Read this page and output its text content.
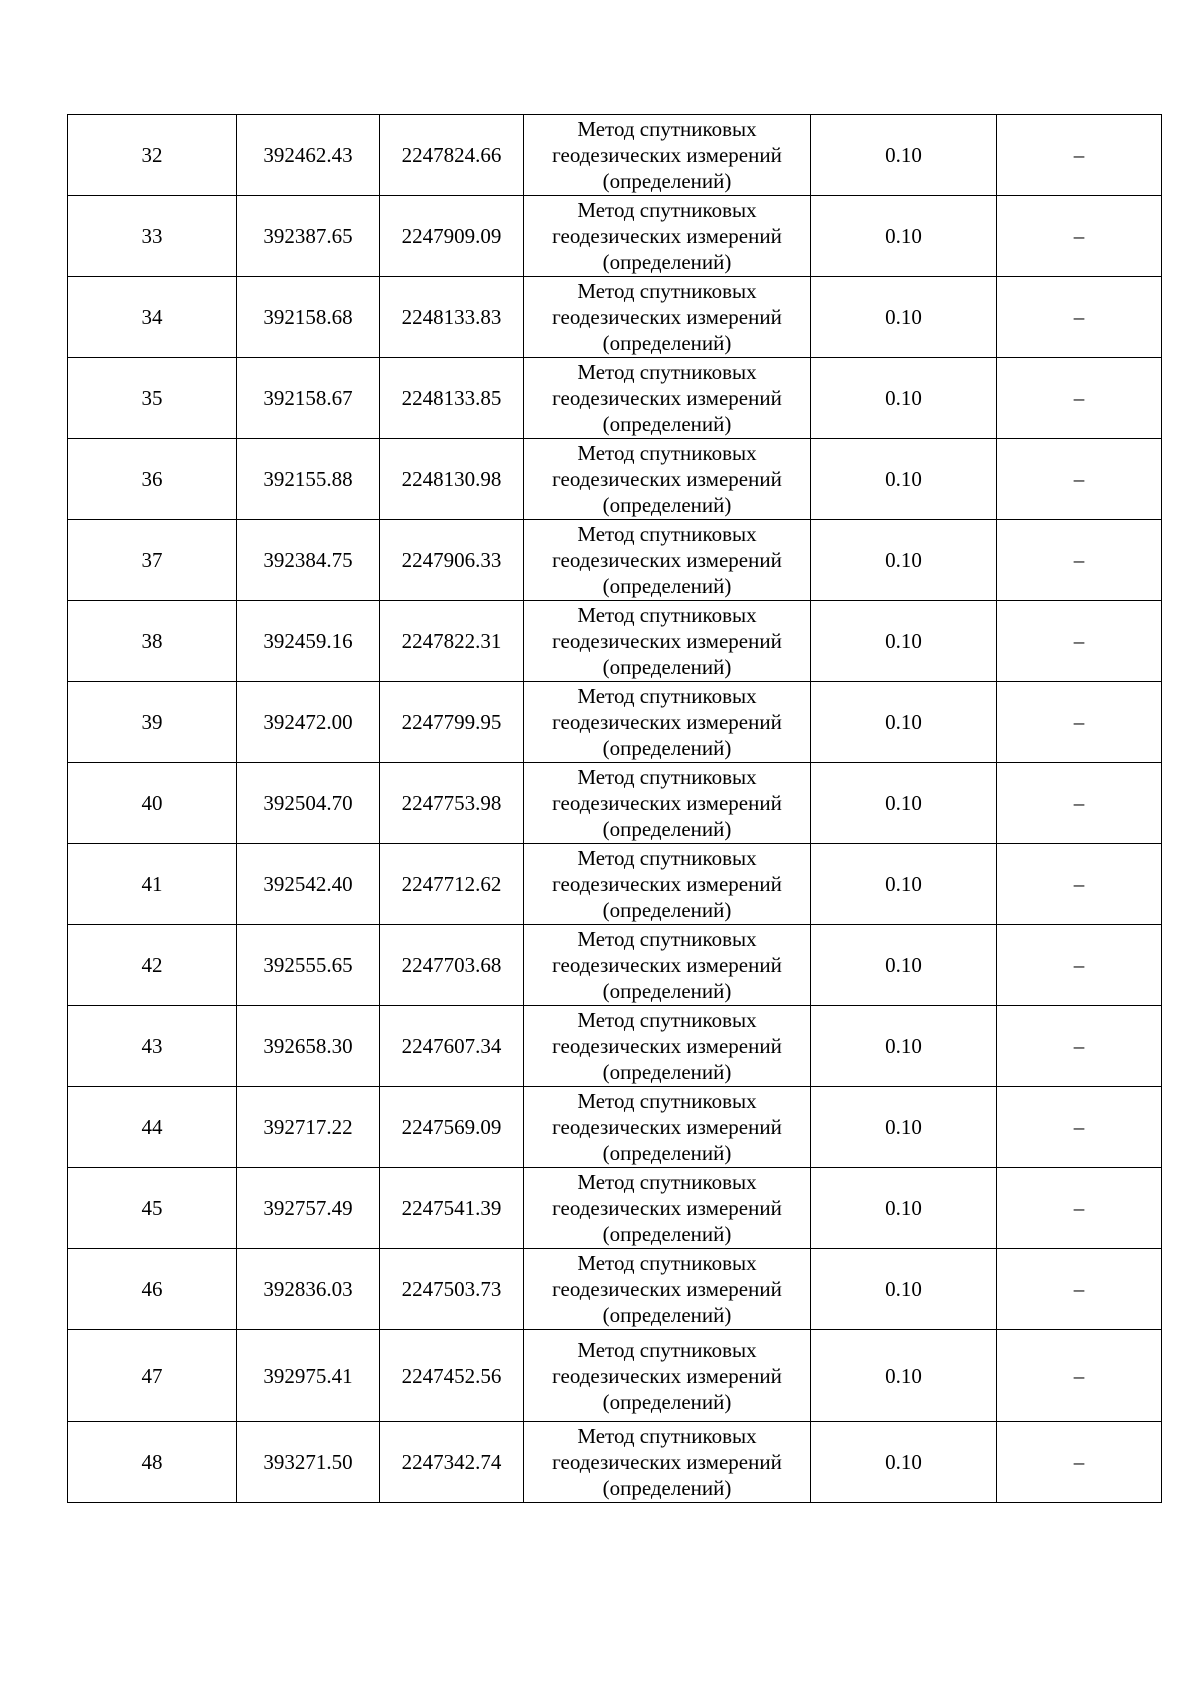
32	392462.43	2247824.66	Метод спутниковых
геодезических измерений
(определений)	0.10	–
33	392387.65	2247909.09	Метод спутниковых
геодезических измерений
(определений)	0.10	–
34	392158.68	2248133.83	Метод спутниковых
геодезических измерений
(определений)	0.10	–
35	392158.67	2248133.85	Метод спутниковых
геодезических измерений
(определений)	0.10	–
36	392155.88	2248130.98	Метод спутниковых
геодезических измерений
(определений)	0.10	–
37	392384.75	2247906.33	Метод спутниковых
геодезических измерений
(определений)	0.10	–
38	392459.16	2247822.31	Метод спутниковых
геодезических измерений
(определений)	0.10	–
39	392472.00	2247799.95	Метод спутниковых
геодезических измерений
(определений)	0.10	–
40	392504.70	2247753.98	Метод спутниковых
геодезических измерений
(определений)	0.10	–
41	392542.40	2247712.62	Метод спутниковых
геодезических измерений
(определений)	0.10	–
42	392555.65	2247703.68	Метод спутниковых
геодезических измерений
(определений)	0.10	–
43	392658.30	2247607.34	Метод спутниковых
геодезических измерений
(определений)	0.10	–
44	392717.22	2247569.09	Метод спутниковых
геодезических измерений
(определений)	0.10	–
45	392757.49	2247541.39	Метод спутниковых
геодезических измерений
(определений)	0.10	–
46	392836.03	2247503.73	Метод спутниковых
геодезических измерений
(определений)	0.10	–
47	392975.41	2247452.56	Метод спутниковых
геодезических измерений
(определений)	0.10	–
48	393271.50	2247342.74	Метод спутниковых
геодезических измерений
(определений)	0.10	–
